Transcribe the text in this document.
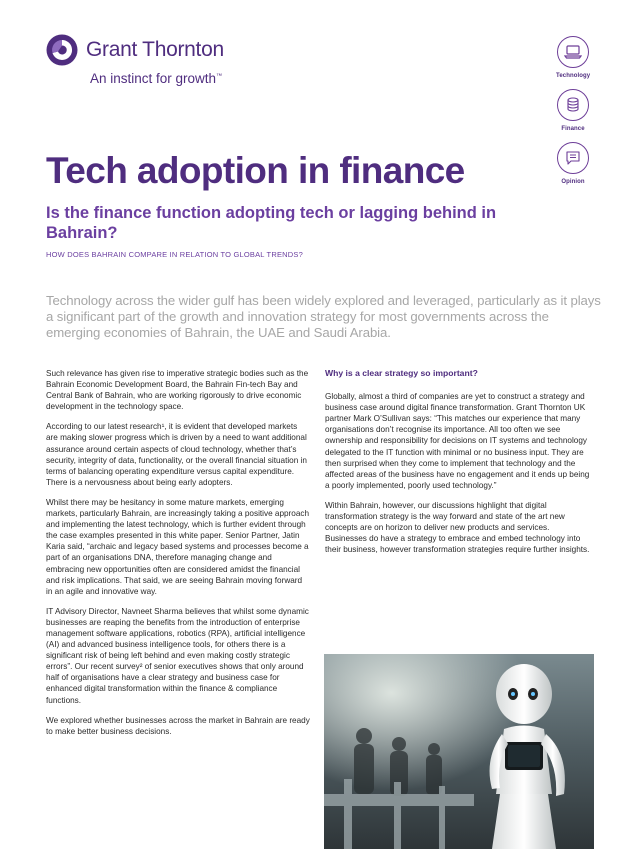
Grant Thornton
An instinct for growth™	Technology
Finance
Opinion
Tech adoption in finance
Is the finance function adopting tech or lagging behind in Bahrain?
HOW DOES BAHRAIN COMPARE IN RELATION TO GLOBAL TRENDS?
Technology across the wider gulf has been widely explored and leveraged, particularly as it plays a significant part of the growth and innovation strategy for most governments across the emerging economies of Bahrain, the UAE and Saudi Arabia.

Such relevance has given rise to imperative strategic bodies such as the Bahrain Economic Development Board, the Bahrain Fin-tech Bay and Central Bank of Bahrain, who are working rigorously to drive economic development in the technology space.

According to our latest research¹, it is evident that developed markets are making slower progress which is driven by a need to want additional assurance around certain aspects of cloud technology, whether that’s security, integrity of data, functionality, or the overall financial situation in terms of balancing operating expenditure versus capital expenditure. There is a nervousness about being early adopters.

Whilst there may be hesitancy in some mature markets, emerging markets, particularly Bahrain, are increasingly taking a positive approach and implementing the latest technology, which is further evident through the case examples presented in this white paper. Senior Partner, Jatin Karia said, “archaic and legacy based systems and processes become a part of an organisations DNA, therefore managing change and embracing new opportunities often are considered amidst the financial and risk implications. That said, we are seeing Bahrain moving forward in an agile and innovative way.

IT Advisory Director, Navneet Sharma believes that whilst some dynamic businesses are reaping the benefits from the introduction of enterprise management software applications, robotics (RPA), artificial intelligence (AI) and advanced business intelligence tools, for others there is a significant risk of being left behind and even making costly strategic errors”. Our recent survey² of senior executives shows that only around half of organisations have a clear strategy and business case for enhanced digital transformation within the finance & compliance functions.

We explored whether businesses across the market in Bahrain are ready to make better business decisions.

Why is a clear strategy so important?

Globally, almost a third of companies are yet to construct a strategy and business case around digital finance transformation. Grant Thornton UK partner Mark O’Sullivan says: “This matches our experience that many organisations don’t recognise its importance. All too often we see ownership and responsibility for decisions on IT systems and technology delegated to the IT function with minimal or no business input. They are then surprised when they come to implement that technology and the affected areas of the business have no engagement and it ends up being a poorly implemented, poorly used technology.”

Within Bahrain, however, our discussions highlight that digital transformation strategy is the way forward and state of the art new concepts are on horizon to deliver new products and services. Businesses do have a strategy to embrace and embed technology into their business, however transformation strategies require further insights.
